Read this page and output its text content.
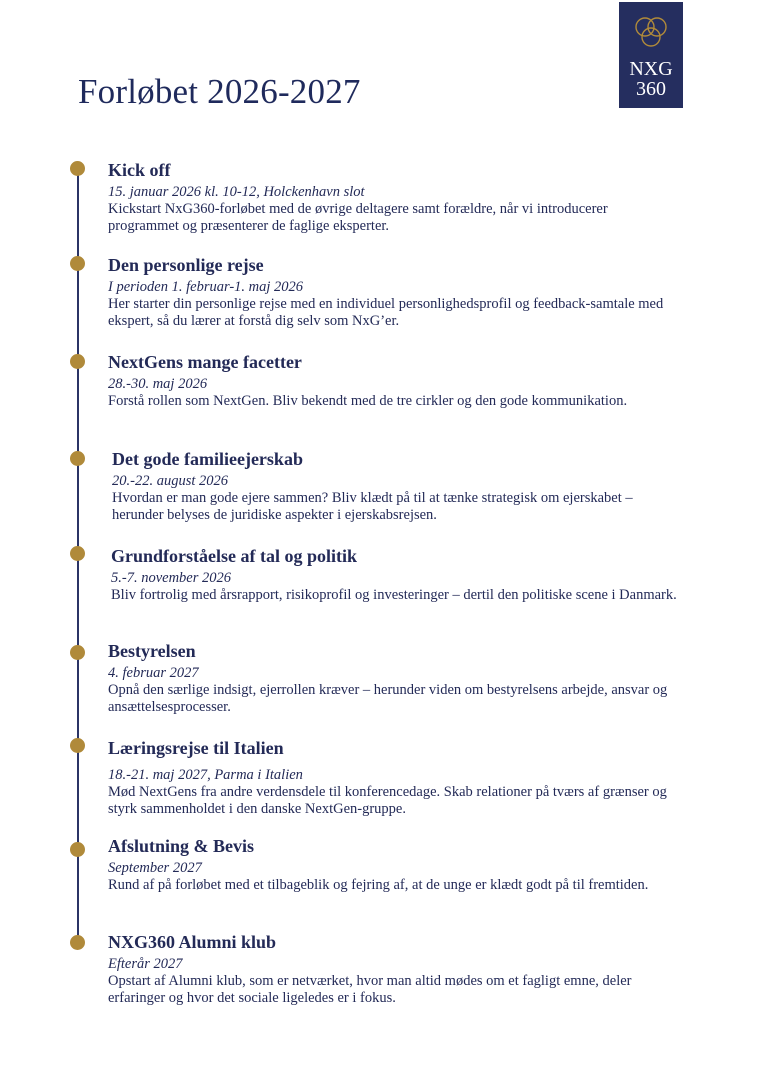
Forløbet 2026-2027
NXG
360
Kick off
15. januar 2026 kl. 10-12, Holckenhavn slot
Kickstart NxG360-forløbet med de øvrige deltagere samt forældre, når vi introducerer programmet og præsenterer de faglige eksperter.
Den personlige rejse
I perioden 1. februar-1. maj 2026
Her starter din personlige rejse med en individuel personlighedsprofil og feedback-samtale med ekspert, så du lærer at forstå dig selv som NxG’er.
NextGens mange facetter
28.-30. maj 2026
Forstå rollen som NextGen. Bliv bekendt med de tre cirkler og den gode kommunikation.
Det gode familieejerskab
20.-22. august 2026
Hvordan er man gode ejere sammen? Bliv klædt på til at tænke strategisk om ejerskabet – herunder belyses de juridiske aspekter i ejerskabsrejsen.
Grundforståelse af tal og politik
5.-7. november 2026
Bliv fortrolig med årsrapport, risikoprofil og investeringer – dertil den politiske scene i Danmark.
Bestyrelsen
4. februar 2027
Opnå den særlige indsigt, ejerrollen kræver – herunder viden om bestyrelsens arbejde, ansvar og ansættelsesprocesser.
Læringsrejse til Italien
18.-21. maj 2027, Parma i Italien
Mød NextGens fra andre verdensdele til konferencedage. Skab relationer på tværs af grænser og styrk sammenholdet i den danske NextGen-gruppe.
Afslutning & Bevis
September 2027
Rund af på forløbet med et tilbageblik og fejring af, at de unge er klædt godt på til fremtiden.
NXG360 Alumni klub
Efterår 2027
Opstart af Alumni klub, som er netværket, hvor man altid mødes om et fagligt emne, deler erfaringer og hvor det sociale ligeledes er i fokus.
